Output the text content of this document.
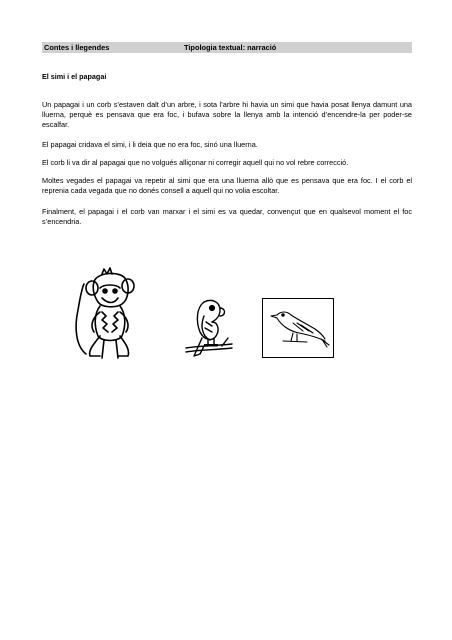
Contes i llegendes	Tipologia textual: narració
El simi i el papagai

Un papagai i un corb s’estaven dalt d’un arbre, i sota l’arbre hi havia un simi que havia posat llenya damunt una lluerna, perquè es pensava que era foc, i bufava sobre la llenya amb la intenció d’encendre-la per poder-se escalfar.

El papagai cridava el simi, i li deia que no era foc, sinó una lluerna.

El corb li va dir al papagai que no volgués alliçonar ni corregir aquell qui no vol rebre correcció.

Moltes vegades el papagai va repetir al simi que era una lluerna allò que es pensava que era foc. I el corb el reprenia cada vegada que no donés consell a aquell qui no volia escoltar.

Finalment, el papagai i el corb van marxar i el simi es va quedar, convençut que en qualsevol moment el foc s’encendria.
